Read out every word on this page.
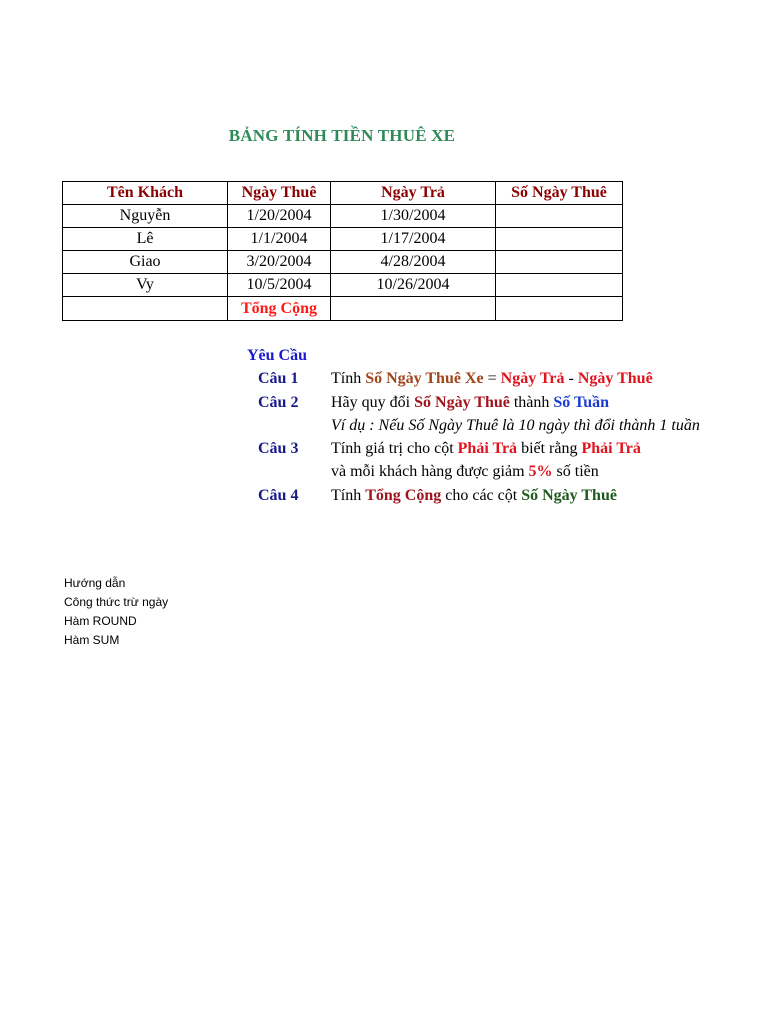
BẢNG TÍNH TIỀN THUÊ XE
Tên Khách	Ngày Thuê	Ngày Trả	Số Ngày Thuê
Nguyễn	1/20/2004	1/30/2004	
Lê	1/1/2004	1/17/2004	
Giao	3/20/2004	4/28/2004	
Vy	10/5/2004	10/26/2004	
	Tổng Cộng		
Yêu Cầu
Câu 1 Tính Số Ngày Thuê Xe = Ngày Trả - Ngày Thuê
Câu 2 Hãy quy đổi Số Ngày Thuê thành Số Tuần
Ví dụ : Nếu Số Ngày Thuê là 10 ngày thì đổi thành 1 tuần
Câu 3 Tính giá trị cho cột Phải Trả biết rằng Phải Trả
và mỗi khách hàng được giảm 5% số tiền
Câu 4 Tính Tổng Cộng cho các cột Số Ngày Thuê
Hướng dẫn
Công thức trừ ngày
Hàm ROUND
Hàm SUM
